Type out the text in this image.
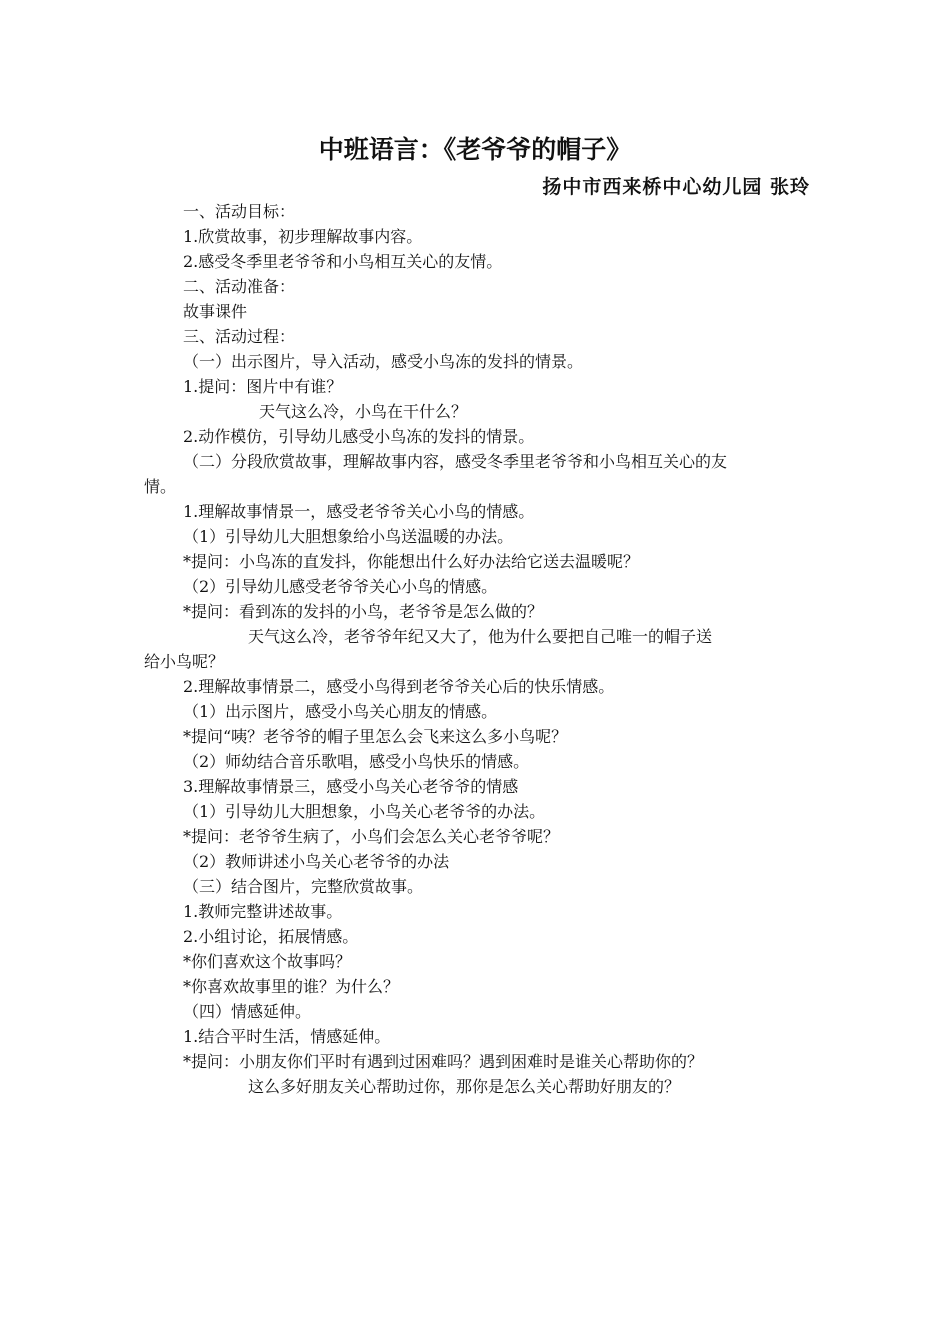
中班语言：《老爷爷的帽子》
扬中市西来桥中心幼儿园 张玲
一、活动目标：
1.欣赏故事，初步理解故事内容。
2.感受冬季里老爷爷和小鸟相互关心的友情。
二、活动准备：
故事课件
三、活动过程：
（一）出示图片，导入活动，感受小鸟冻的发抖的情景。
1.提问：图片中有谁？
天气这么冷，小鸟在干什么？
2.动作模仿，引导幼儿感受小鸟冻的发抖的情景。
（二）分段欣赏故事，理解故事内容，感受冬季里老爷爷和小鸟相互关心的友
情。
1.理解故事情景一，感受老爷爷关心小鸟的情感。
（1）引导幼儿大胆想象给小鸟送温暖的办法。
*提问：小鸟冻的直发抖，你能想出什么好办法给它送去温暖呢？
（2）引导幼儿感受老爷爷关心小鸟的情感。
*提问：看到冻的发抖的小鸟，老爷爷是怎么做的？
天气这么冷，老爷爷年纪又大了，他为什么要把自己唯一的帽子送
给小鸟呢？
2.理解故事情景二，感受小鸟得到老爷爷关心后的快乐情感。
（1）出示图片，感受小鸟关心朋友的情感。
*提问“咦？老爷爷的帽子里怎么会飞来这么多小鸟呢？
（2）师幼结合音乐歌唱，感受小鸟快乐的情感。
3.理解故事情景三，感受小鸟关心老爷爷的情感
（1）引导幼儿大胆想象，小鸟关心老爷爷的办法。
*提问：老爷爷生病了，小鸟们会怎么关心老爷爷呢？
（2）教师讲述小鸟关心老爷爷的办法
（三）结合图片，完整欣赏故事。
1.教师完整讲述故事。
2.小组讨论，拓展情感。
*你们喜欢这个故事吗？
*你喜欢故事里的谁？为什么？
（四）情感延伸。
1.结合平时生活，情感延伸。
*提问：小朋友你们平时有遇到过困难吗？遇到困难时是谁关心帮助你的？
这么多好朋友关心帮助过你，那你是怎么关心帮助好朋友的？
